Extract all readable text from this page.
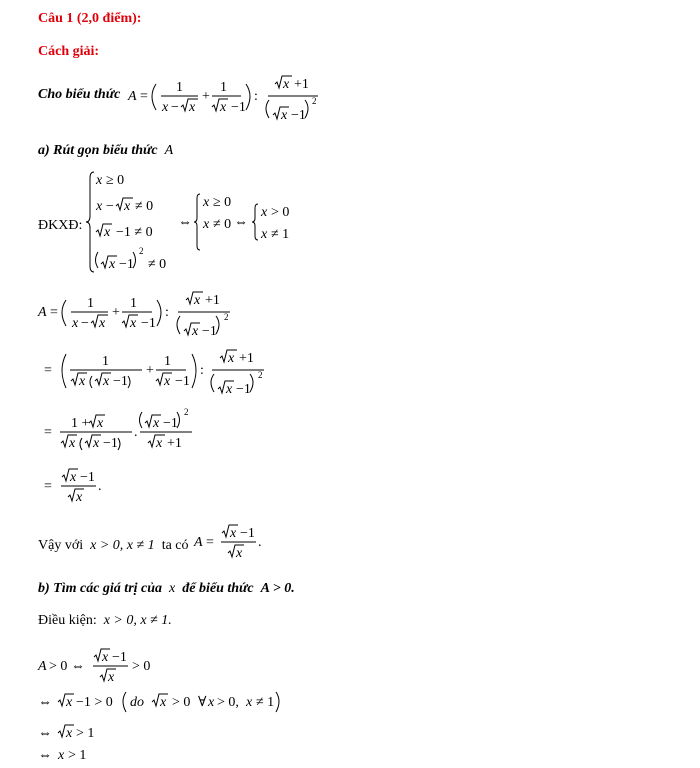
Câu 1 (2,0 điểm):
Cách giải:
Cho biểu thức A =
1
x − x
+
1
x −1
:
x +1
x −1
2
a) Rút gọn biểu thức A
ĐKXĐ:
x ≥ 0
x − x ≠ 0
x −1 ≠ 0
x −1
2
≠ 0
⇔
x ≥ 0
x ≠ 0 ⇔
x > 0
x ≠ 1
A =
1
x − x
+
1
x −1
:
x +1
x −1
2
=
1
x x −1
+
1
x −1
:
x +1
x −1
2
=
1 + x
x x −1
.
x −1
2
x +1
=
x −1
x
.
Vậy với x > 0, x ≠ 1 ta có A =
x −1
x
.
b) Tìm các giá trị của x để biểu thức A > 0.
Điều kiện: x > 0, x ≠ 1.
A > 0 ⇔
x −1
x
> 0
⇔ x −1 > 0 do x > 0 ∀ x > 0, x ≠ 1
⇔ x > 1
⇔ x > 1
